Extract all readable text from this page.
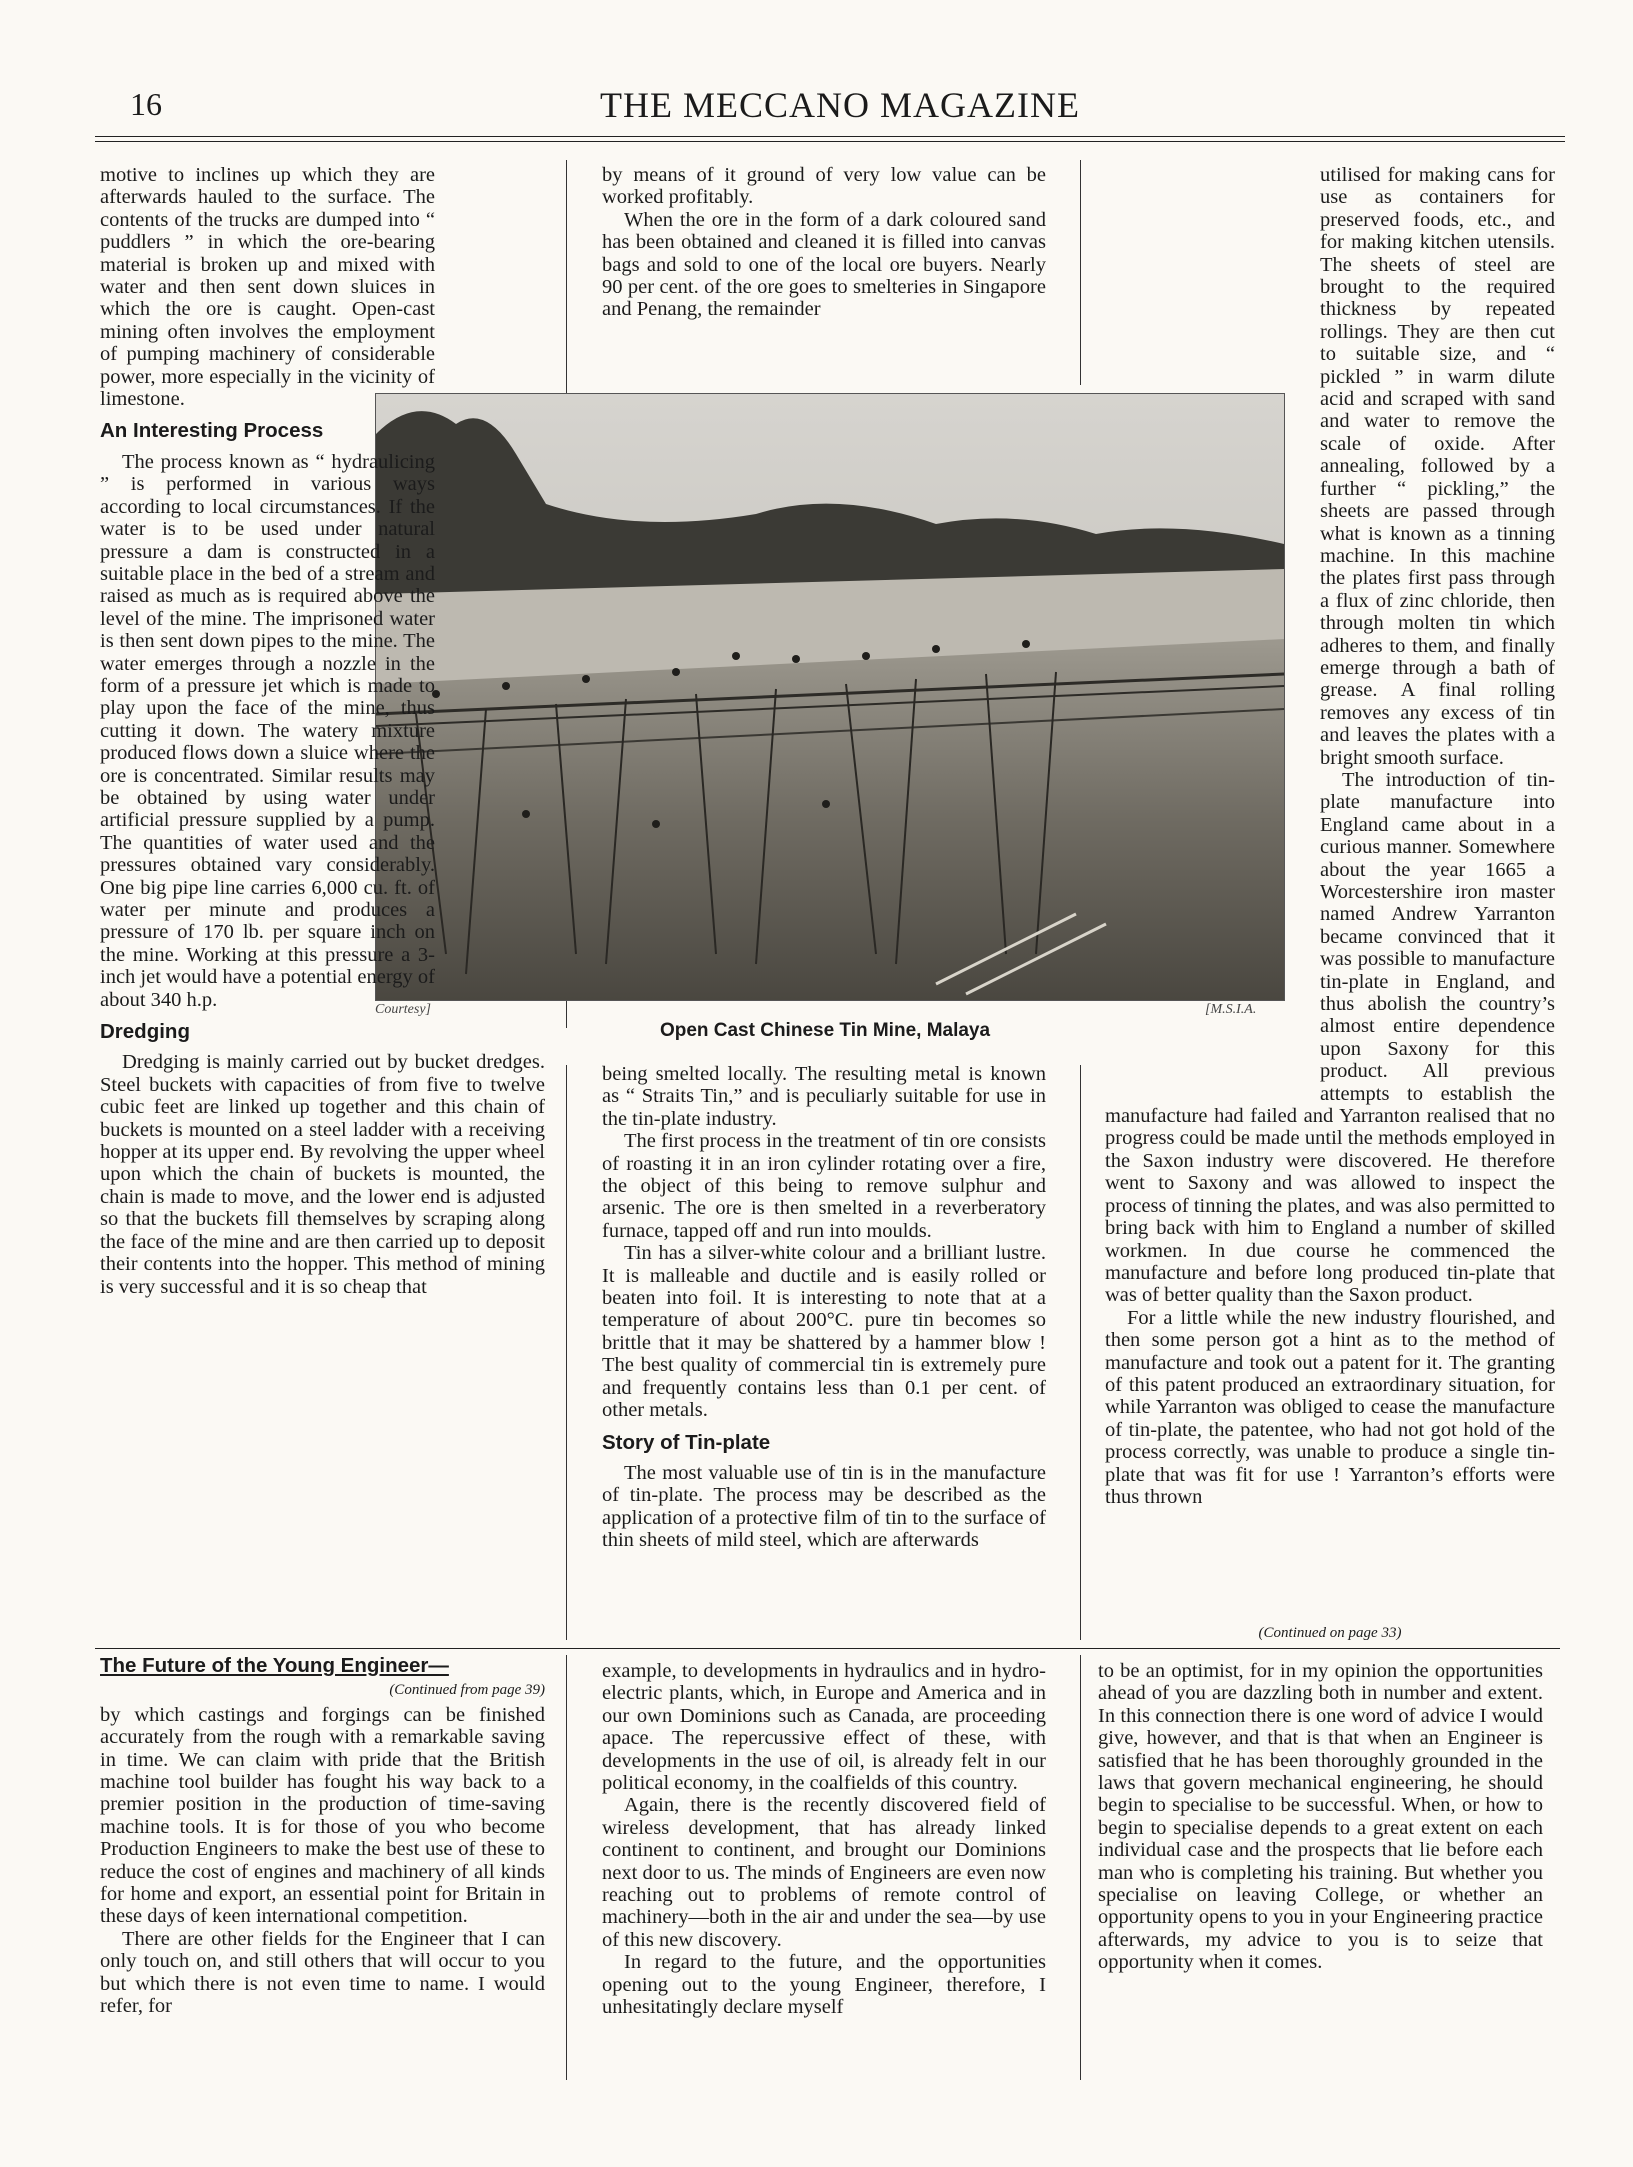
16	THE MECCANO MAGAZINE
Courtesy]	[M.S.I.A.
Open Cast Chinese Tin Mine, Malaya

motive to inclines up which they are afterwards hauled to the surface. The contents of the trucks are dumped into “ puddlers ” in which the ore-bearing material is broken up and mixed with water and then sent down sluices in which the ore is caught. Open-cast mining often involves the employment of pumping machinery of considerable power, more especially in the vicinity of limestone.

An Interesting Process

The process known as “ hydraulicing ” is performed in various ways according to local circumstances. If the water is to be used under natural pressure a dam is constructed in a suitable place in the bed of a stream and raised as much as is required above the level of the mine. The imprisoned water is then sent down pipes to the mine. The water emerges through a nozzle in the form of a pressure jet which is made to play upon the face of the mine, thus cutting it down. The watery mixture produced flows down a sluice where the ore is concentrated. Similar results may be obtained by using water under artificial pressure supplied by a pump. The quantities of water used and the pressures obtained vary considerably. One big pipe line carries 6,000 cu. ft. of water per minute and produces a pressure of 170 lb. per square inch on the mine. Working at this pressure a 3-inch jet would have a potential energy of about 340 h.p.

Dredging

Dredging is mainly carried out by bucket dredges. Steel buckets with capacities of from five to twelve cubic feet are linked up together and this chain of buckets is mounted on a steel ladder with a receiving hopper at its upper end. By revolving the upper wheel upon which the chain of buckets is mounted, the chain is made to move, and the lower end is adjusted so that the buckets fill themselves by scraping along the face of the mine and are then carried up to deposit their contents into the hopper. This method of mining is very successful and it is so cheap that

by means of it ground of very low value can be worked profitably.

When the ore in the form of a dark coloured sand has been obtained and cleaned it is filled into canvas bags and sold to one of the local ore buyers. Nearly 90 per cent. of the ore goes to smelteries in Singapore and Penang, the remainder

being smelted locally. The resulting metal is known as “ Straits Tin,” and is peculiarly suitable for use in the tin-plate industry.

The first process in the treatment of tin ore consists of roasting it in an iron cylinder rotating over a fire, the object of this being to remove sulphur and arsenic. The ore is then smelted in a reverberatory furnace, tapped off and run into moulds.

Tin has a silver-white colour and a brilliant lustre. It is malleable and ductile and is easily rolled or beaten into foil. It is interesting to note that at a temperature of about 200°C. pure tin becomes so brittle that it may be shattered by a hammer blow ! The best quality of commercial tin is extremely pure and frequently contains less than 0.1 per cent. of other metals.

Story of Tin-plate

The most valuable use of tin is in the manufacture of tin-plate. The process may be described as the application of a protective film of tin to the surface of thin sheets of mild steel, which are afterwards

utilised for making cans for use as containers for preserved foods, etc., and for making kitchen utensils. The sheets of steel are brought to the required thickness by repeated rollings. They are then cut to suitable size, and “ pickled ” in warm dilute acid and scraped with sand and water to remove the scale of oxide. After annealing, followed by a further “ pickling,” the sheets are passed through what is known as a tinning machine. In this machine the plates first pass through a flux of zinc chloride, then through molten tin which adheres to them, and finally emerge through a bath of grease. A final rolling removes any excess of tin and leaves the plates with a bright smooth surface.

The introduction of tin-plate manufacture into England came about in a curious manner. Somewhere about the year 1665 a Worcestershire iron master named Andrew Yarranton became convinced that it was possible to manufacture tin-plate in England, and thus abolish the country’s almost entire dependence upon Saxony for this product. All previous attempts to establish the manufacture had failed and Yarranton realised that no progress could be made until the methods employed in the Saxon industry were discovered. He therefore went to Saxony and was allowed to inspect the process of tinning the plates, and was also permitted to bring back with him to England a number of skilled workmen. In due course he commenced the manufacture and before long produced tin-plate that was of better quality than the Saxon product.

For a little while the new industry flourished, and then some person got a hint as to the method of manufacture and took out a patent for it. The granting of this patent produced an extraordinary situation, for while Yarranton was obliged to cease the manufacture of tin-plate, the patentee, who had not got hold of the process correctly, was unable to produce a single tin-plate that was fit for use ! Yarranton’s efforts were thus thrown

(Continued on page 33)
The Future of the Young Engineer—
(Continued from page 39)

by which castings and forgings can be finished accurately from the rough with a remarkable saving in time. We can claim with pride that the British machine tool builder has fought his way back to a premier position in the production of time-saving machine tools. It is for those of you who become Production Engineers to make the best use of these to reduce the cost of engines and machinery of all kinds for home and export, an essential point for Britain in these days of keen international competition.

There are other fields for the Engineer that I can only touch on, and still others that will occur to you but which there is not even time to name. I would refer, for

example, to developments in hydraulics and in hydro-electric plants, which, in Europe and America and in our own Dominions such as Canada, are proceeding apace. The repercussive effect of these, with developments in the use of oil, is already felt in our political economy, in the coalfields of this country.

Again, there is the recently discovered field of wireless development, that has already linked continent to continent, and brought our Dominions next door to us. The minds of Engineers are even now reaching out to problems of remote control of machinery—both in the air and under the sea—by use of this new discovery.

In regard to the future, and the opportunities opening out to the young Engineer, therefore, I unhesitatingly declare myself

to be an optimist, for in my opinion the opportunities ahead of you are dazzling both in number and extent. In this connection there is one word of advice I would give, however, and that is that when an Engineer is satisfied that he has been thoroughly grounded in the laws that govern mechanical engineering, he should begin to specialise to be successful. When, or how to begin to specialise depends to a great extent on each individual case and the prospects that lie before each man who is completing his training. But whether you specialise on leaving College, or whether an opportunity opens to you in your Engineering practice afterwards, my advice to you is to seize that opportunity when it comes.
